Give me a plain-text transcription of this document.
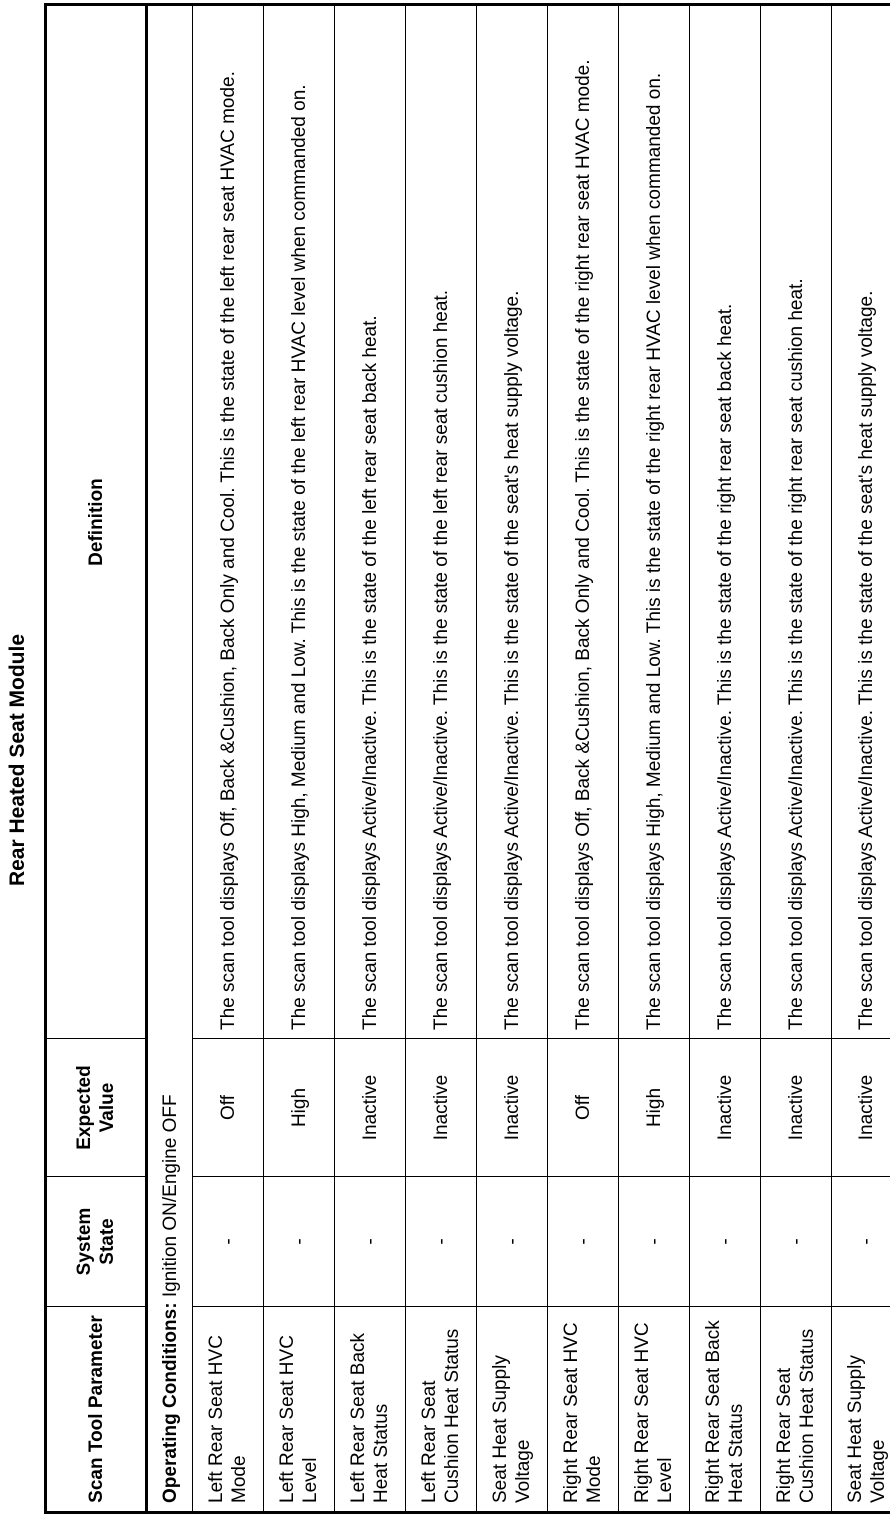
Rear Heated Seat Module
Scan Tool Parameter	System State	Expected Value	Definition
Operating Conditions: Ignition ON/Engine OFF			
Left Rear Seat HVC Mode	-	Off	The scan tool displays Off, Back &Cushion, Back Only and Cool. This is the state of the left rear seat HVAC mode.
Left Rear Seat HVC Level	-	High	The scan tool displays High, Medium and Low. This is the state of the left rear HVAC level when commanded on.
Left Rear Seat Back Heat Status	-	Inactive	The scan tool displays Active/Inactive. This is the state of the left rear seat back heat.
Left Rear Seat Cushion Heat Status	-	Inactive	The scan tool displays Active/Inactive. This is the state of the left rear seat cushion heat.
Seat Heat Supply Voltage	-	Inactive	The scan tool displays Active/Inactive. This is the state of the seat's heat supply voltage.
Right Rear Seat HVC Mode	-	Off	The scan tool displays Off, Back &Cushion, Back Only and Cool. This is the state of the right rear seat HVAC mode.
Right Rear Seat HVC Level	-	High	The scan tool displays High, Medium and Low. This is the state of the right rear HVAC level when commanded on.
Right Rear Seat Back Heat Status	-	Inactive	The scan tool displays Active/Inactive. This is the state of the right rear seat back heat.
Right Rear Seat Cushion Heat Status	-	Inactive	The scan tool displays Active/Inactive. This is the state of the right rear seat cushion heat.
Seat Heat Supply Voltage	-	Inactive	The scan tool displays Active/Inactive. This is the state of the seat's heat supply voltage.
